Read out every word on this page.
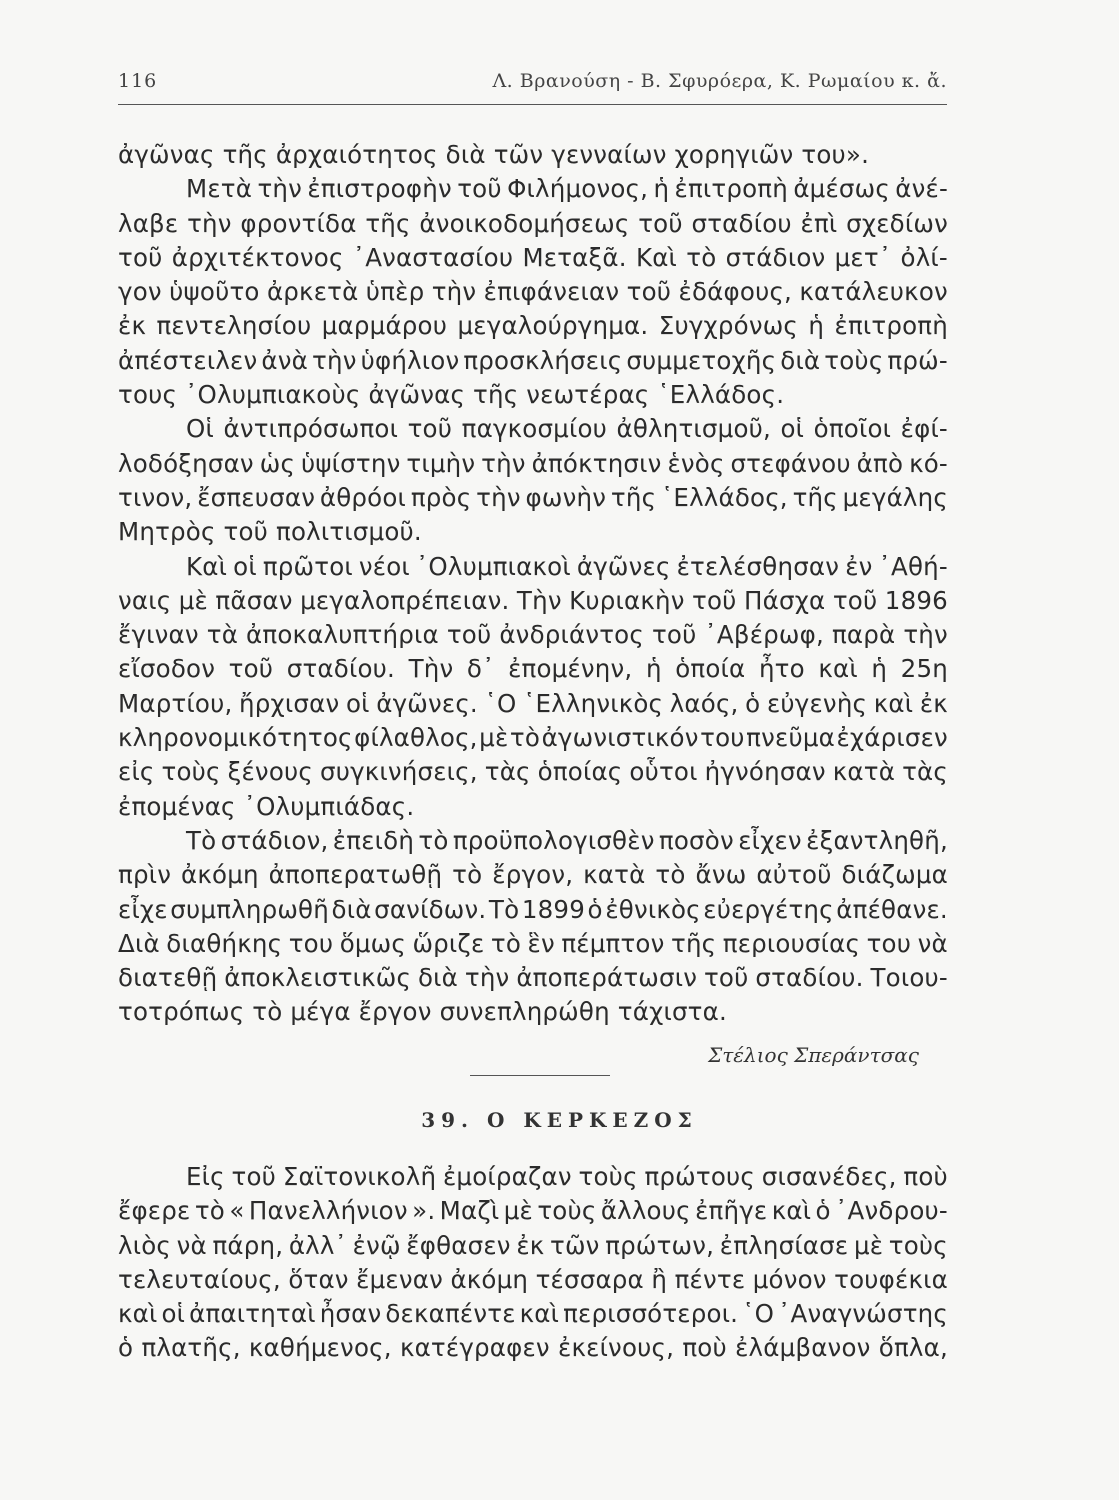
116	Λ. Βρανούση - Β. Σφυρόερα, Κ. Ρωμαίου κ. ἄ.
ἀγῶνας τῆς ἀρχαιότητος διὰ τῶν γενναίων χορηγιῶν του».
Μετὰ τὴν ἐπιστροφὴν τοῦ Φιλήμονος, ἡ ἐπιτροπὴ ἀμέσως ἀνέ-
λαβε τὴν φροντίδα τῆς ἀνοικοδομήσεως τοῦ σταδίου ἐπὶ σχεδίων
τοῦ ἀρχιτέκτονος ᾿Αναστασίου Μεταξᾶ. Καὶ τὸ στάδιον μετ᾿ ὀλί-
γον ὑψοῦτο ἀρκετὰ ὑπὲρ τὴν ἐπιφάνειαν τοῦ ἐδάφους, κατάλευκον
ἐκ πεντελησίου μαρμάρου μεγαλούργημα. Συγχρόνως ἡ ἐπιτροπὴ
ἀπέστειλεν ἀνὰ τὴν ὑφήλιον προσκλήσεις συμμετοχῆς διὰ τοὺς πρώ-
τους ᾿Ολυμπιακοὺς ἀγῶνας τῆς νεωτέρας ῾Ελλάδος.
Οἱ ἀντιπρόσωποι τοῦ παγκοσμίου ἀθλητισμοῦ, οἱ ὁποῖοι ἐφί-
λοδόξησαν ὡς ὑψίστην τιμὴν τὴν ἀπόκτησιν ἑνὸς στεφάνου ἀπὸ κό-
τινον, ἔσπευσαν ἀθρόοι πρὸς τὴν φωνὴν τῆς ῾Ελλάδος, τῆς μεγάλης
Μητρὸς τοῦ πολιτισμοῦ.
Καὶ οἱ πρῶτοι νέοι ᾿Ολυμπιακοὶ ἀγῶνες ἐτελέσθησαν ἐν ᾿Αθή-
ναις μὲ πᾶσαν μεγαλοπρέπειαν. Τὴν Κυριακὴν τοῦ Πάσχα τοῦ 1896
ἔγιναν τὰ ἀποκαλυπτήρια τοῦ ἀνδριάντος τοῦ ᾿Αβέρωφ, παρὰ τὴν
εἴσοδον τοῦ σταδίου. Τὴν δ᾿ ἐπομένην, ἡ ὁποία ἦτο καὶ ἡ 25η
Μαρτίου, ἤρχισαν οἱ ἀγῶνες. ῾Ο ῾Ελληνικὸς λαός, ὁ εὐγενὴς καὶ ἐκ
κληρονομικότητος φίλαθλος, μὲ τὸ ἀγωνιστικόν του πνεῦμα ἐχάρισεν
εἰς τοὺς ξένους συγκινήσεις, τὰς ὁποίας οὗτοι ἠγνόησαν κατὰ τὰς
ἐπομένας ᾿Ολυμπιάδας.
Τὸ στάδιον, ἐπειδὴ τὸ προϋπολογισθὲν ποσὸν εἶχεν ἐξαντληθῆ,
πρὶν ἀκόμη ἀποπερατωθῇ τὸ ἔργον, κατὰ τὸ ἄνω αὐτοῦ διάζωμα
εἶχε συμπληρωθῆ διὰ σανίδων. Τὸ 1899 ὁ ἐθνικὸς εὐεργέτης ἀπέθανε.
Διὰ διαθήκης του ὅμως ὥριζε τὸ ἓν πέμπτον τῆς περιουσίας του νὰ
διατεθῇ ἀποκλειστικῶς διὰ τὴν ἀποπεράτωσιν τοῦ σταδίου. Τοιου-
τοτρόπως τὸ μέγα ἔργον συνεπληρώθη τάχιστα.
Στέλιος Σπεράντσας
39. Ο ΚΕΡΚΕΖΟΣ
Εἰς τοῦ Σαϊτονικολῆ ἐμοίραζαν τοὺς πρώτους σισανέδες, ποὺ
ἔφερε τὸ « Πανελλήνιον ». Μαζὶ μὲ τοὺς ἄλλους ἐπῆγε καὶ ὁ ᾿Ανδρου-
λιὸς νὰ πάρη, ἀλλ᾿ ἐνῷ ἔφθασεν ἐκ τῶν πρώτων, ἐπλησίασε μὲ τοὺς
τελευταίους, ὅταν ἔμεναν ἀκόμη τέσσαρα ἢ πέντε μόνον τουφέκια
καὶ οἱ ἀπαιτηταὶ ἦσαν δεκαπέντε καὶ περισσότεροι. ῾Ο ᾿Αναγνώστης
ὁ πλατῆς, καθήμενος, κατέγραφεν ἐκείνους, ποὺ ἐλάμβανον ὅπλα,
